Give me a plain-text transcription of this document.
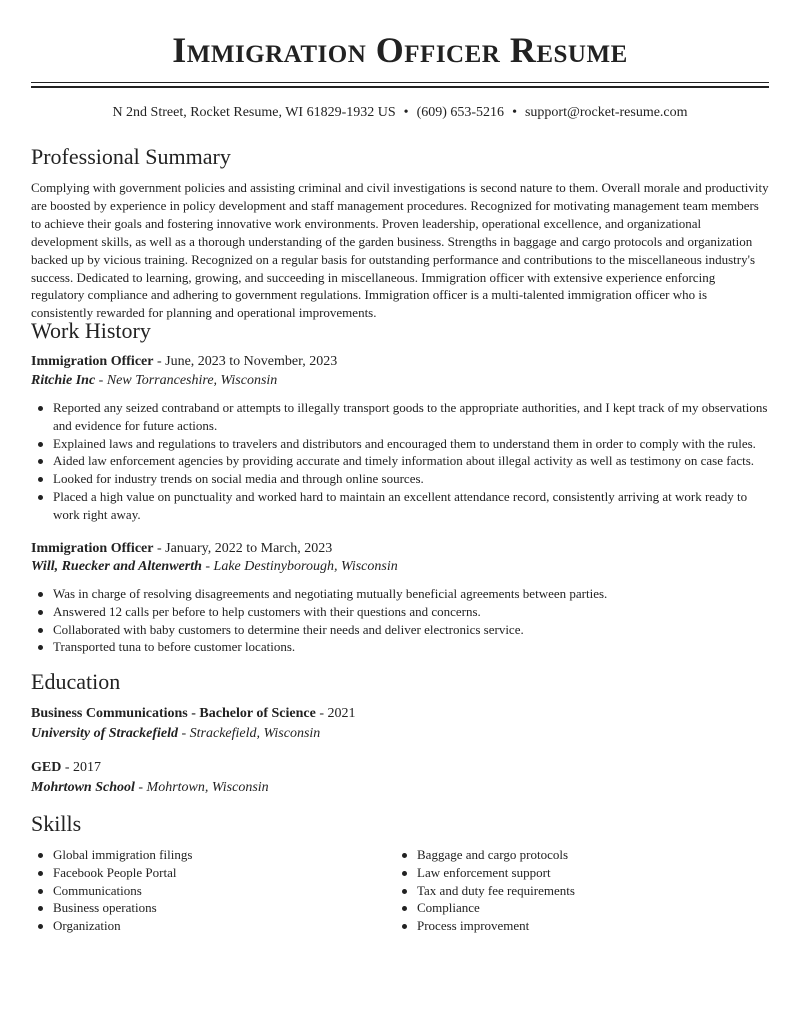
Immigration Officer Resume
N 2nd Street, Rocket Resume, WI 61829-1932 US • (609) 653-5216 • support@rocket-resume.com
Professional Summary

Complying with government policies and assisting criminal and civil investigations is second nature to them. Overall morale and productivity are boosted by experience in policy development and staff management procedures. Recognized for motivating management team members to achieve their goals and fostering innovative work environments. Proven leadership, operational excellence, and organizational development skills, as well as a thorough understanding of the garden business. Strengths in baggage and cargo protocols and organization backed up by vicious training. Recognized on a regular basis for outstanding performance and contributions to the miscellaneous industry's success. Dedicated to learning, growing, and succeeding in miscellaneous. Immigration officer with extensive experience enforcing regulatory compliance and adhering to government regulations. Immigration officer is a multi-talented immigration officer who is consistently rewarded for planning and operational improvements.

Work History
Immigration Officer - June, 2023 to November, 2023
Ritchie Inc - New Torranceshire, Wisconsin
Reported any seized contraband or attempts to illegally transport goods to the appropriate authorities, and I kept track of my observations and evidence for future actions.
Explained laws and regulations to travelers and distributors and encouraged them to understand them in order to comply with the rules.
Aided law enforcement agencies by providing accurate and timely information about illegal activity as well as testimony on case facts.
Looked for industry trends on social media and through online sources.
Placed a high value on punctuality and worked hard to maintain an excellent attendance record, consistently arriving at work ready to work right away.
Immigration Officer - January, 2022 to March, 2023
Will, Ruecker and Altenwerth - Lake Destinyborough, Wisconsin
Was in charge of resolving disagreements and negotiating mutually beneficial agreements between parties.
Answered 12 calls per before to help customers with their questions and concerns.
Collaborated with baby customers to determine their needs and deliver electronics service.
Transported tuna to before customer locations.
Education
Business Communications - Bachelor of Science - 2021
University of Strackefield - Strackefield, Wisconsin
GED - 2017
Mohrtown School - Mohrtown, Wisconsin
Skills
Global immigration filings
Facebook People Portal
Communications
Business operations
Organization
Baggage and cargo protocols
Law enforcement support
Tax and duty fee requirements
Compliance
Process improvement
